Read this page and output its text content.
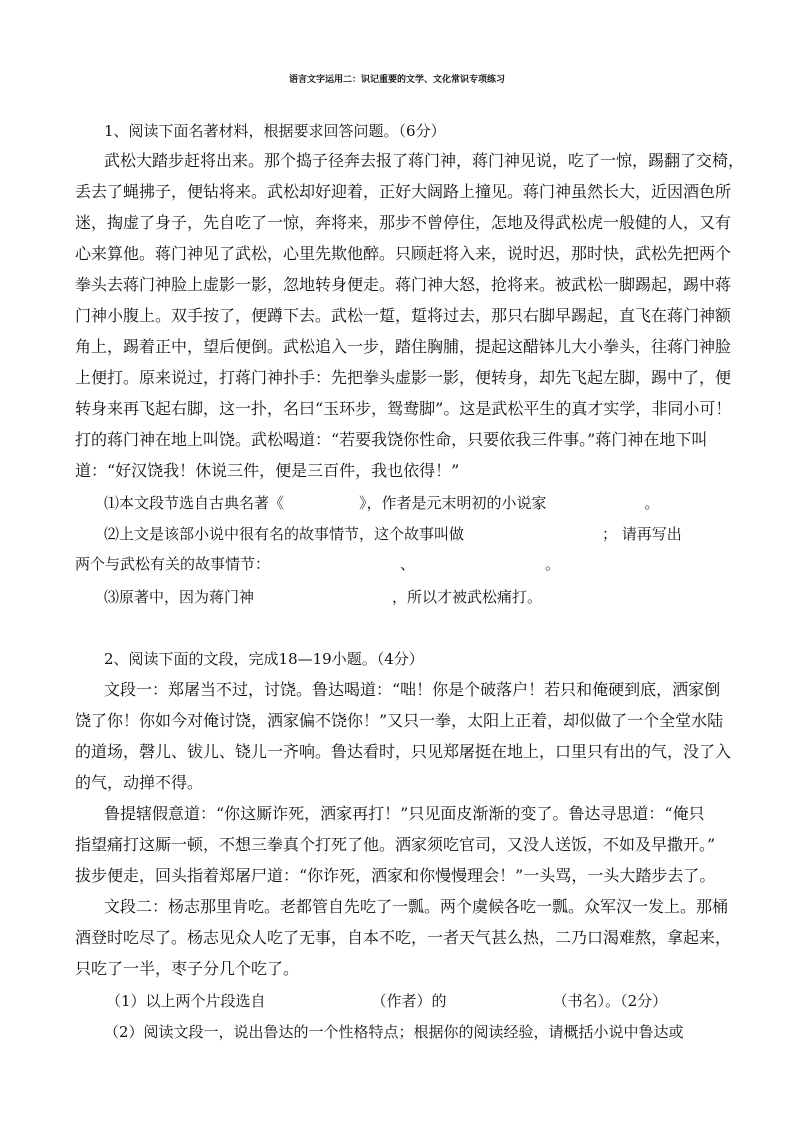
语言文字运用二：识记重要的文学、文化常识专项练习
1、阅读下面名著材料，根据要求回答问题。（6分）
武松大踏步赶将出来。那个捣子径奔去报了蒋门神，蒋门神见说，吃了一惊，踢翻了交椅，
丢去了蝇拂子，便钻将来。武松却好迎着，正好大阔路上撞见。蒋门神虽然长大，近因酒色所
迷，掏虚了身子，先自吃了一惊，奔将来，那步不曾停住，怎地及得武松虎一般健的人，又有
心来算他。蒋门神见了武松，心里先欺他醉。只顾赶将入来，说时迟，那时快，武松先把两个
拳头去蒋门神脸上虚影一影，忽地转身便走。蒋门神大怒，抢将来。被武松一脚踢起，踢中蒋
门神小腹上。双手按了，便蹲下去。武松一踅，踅将过去，那只右脚早踢起，直飞在蒋门神额
角上，踢着正中，望后便倒。武松追入一步，踏住胸脯，提起这醋钵儿大小拳头，往蒋门神脸
上便打。原来说过，打蒋门神扑手：先把拳头虚影一影，便转身，却先飞起左脚，踢中了，便
转身来再飞起右脚，这一扑，名曰“玉环步，鸳鸯脚”。这是武松平生的真才实学，非同小可！
打的蒋门神在地上叫饶。武松喝道：“若要我饶你性命，只要依我三件事。”蒋门神在地下叫
道：“好汉饶我！休说三件，便是三百件，我也依得！”
⑴本文段节选自古典名著《	》，作者是元末明初的小说家	。
⑵上文是该部小说中很有名的故事情节，这个故事叫做	； 请再写出
两个与武松有关的故事情节：	、	。
⑶原著中，因为蒋门神	，所以才被武松痛打。
2、阅读下面的文段，完成18—19小题。（4分）
文段一：郑屠当不过，讨饶。鲁达喝道：“咄！你是个破落户！若只和俺硬到底，洒家倒
饶了你！你如今对俺讨饶，洒家偏不饶你！”又只一拳，太阳上正着，却似做了一个全堂水陆
的道场，磬儿、钹儿、铙儿一齐响。鲁达看时，只见郑屠挺在地上，口里只有出的气，没了入
的气，动掸不得。
鲁提辖假意道：“你这厮诈死，洒家再打！”只见面皮渐渐的变了。鲁达寻思道：“俺只
指望痛打这厮一顿，不想三拳真个打死了他。洒家须吃官司，又没人送饭，不如及早撒开。”
拔步便走，回头指着郑屠尸道：“你诈死，洒家和你慢慢理会！”一头骂，一头大踏步去了。
文段二：杨志那里肯吃。老都管自先吃了一瓢。两个虞候各吃一瓢。众军汉一发上。那桶
酒登时吃尽了。杨志见众人吃了无事，自本不吃，一者天气甚么热，二乃口渴难熬，拿起来，
只吃了一半，枣子分几个吃了。
（1）以上两个片段选自	（作者）的	（书名）。（2分）
（2）阅读文段一，说出鲁达的一个性格特点；根据你的阅读经验，请概括小说中鲁达或
